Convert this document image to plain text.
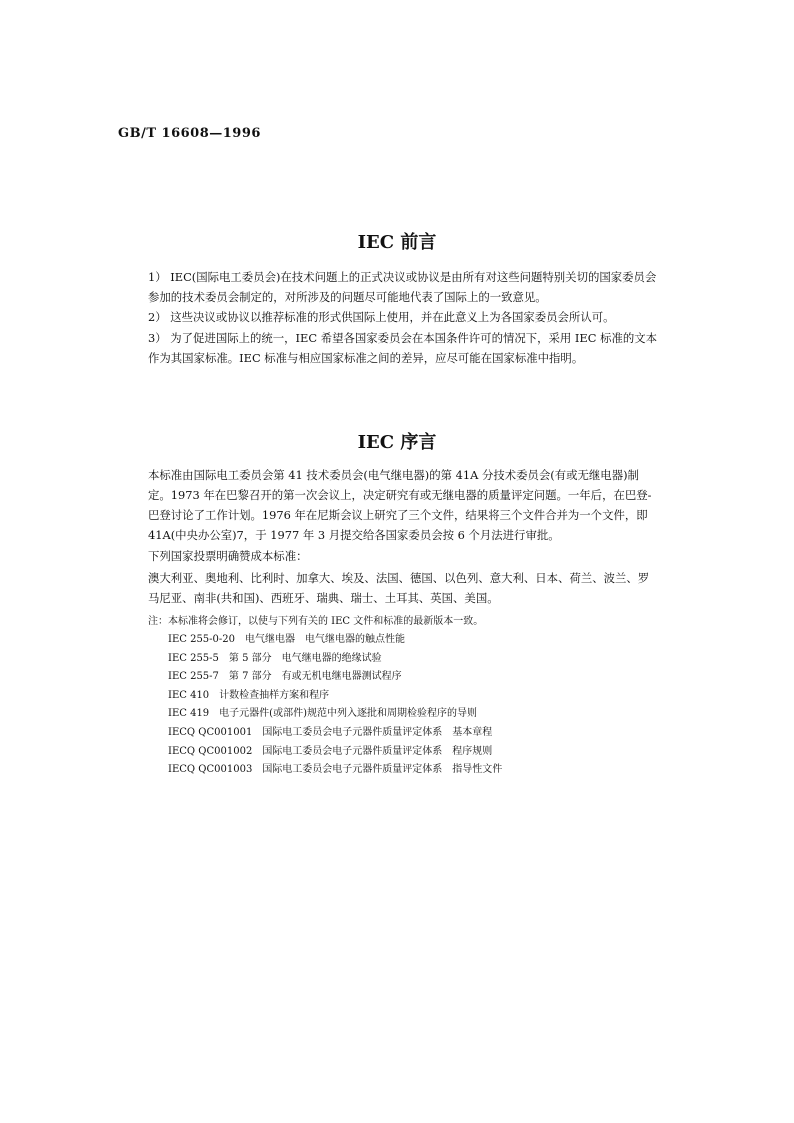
GB/T 16608—1996
IEC 前言

1） IEC(国际电工委员会)在技术问题上的正式决议或协议是由所有对这些问题特别关切的国家委员会参加的技术委员会制定的，对所涉及的问题尽可能地代表了国际上的一致意见。

2） 这些决议或协议以推荐标准的形式供国际上使用，并在此意义上为各国家委员会所认可。

3） 为了促进国际上的统一，IEC 希望各国家委员会在本国条件许可的情况下，采用 IEC 标准的文本作为其国家标准。IEC 标准与相应国家标准之间的差异，应尽可能在国家标准中指明。

IEC 序言

本标准由国际电工委员会第 41 技术委员会(电气继电器)的第 41A 分技术委员会(有或无继电器)制定。1973 年在巴黎召开的第一次会议上，决定研究有或无继电器的质量评定问题。一年后，在巴登-巴登讨论了工作计划。1976 年在尼斯会议上研究了三个文件，结果将三个文件合并为一个文件，即 41A(中央办公室)7，于 1977 年 3 月提交给各国家委员会按 6 个月法进行审批。

下列国家投票明确赞成本标准：

澳大利亚、奥地利、比利时、加拿大、埃及、法国、德国、以色列、意大利、日本、荷兰、波兰、罗马尼亚、南非(共和国)、西班牙、瑞典、瑞士、土耳其、英国、美国。

注：本标准将会修订，以使与下列有关的 IEC 文件和标准的最新版本一致。
IEC 255-0-20　 电气继电器　电气继电器的触点性能
IEC 255-5　 第 5 部分　电气继电器的绝缘试验
IEC 255-7　 第 7 部分　有或无机电继电器测试程序
IEC 410　 计数检查抽样方案和程序
IEC 419　 电子元器件(或部件)规范中列入逐批和周期检验程序的导则
IECQ QC001001　 国际电工委员会电子元器件质量评定体系　基本章程
IECQ QC001002　 国际电工委员会电子元器件质量评定体系　程序规则
IECQ QC001003　 国际电工委员会电子元器件质量评定体系　指导性文件
